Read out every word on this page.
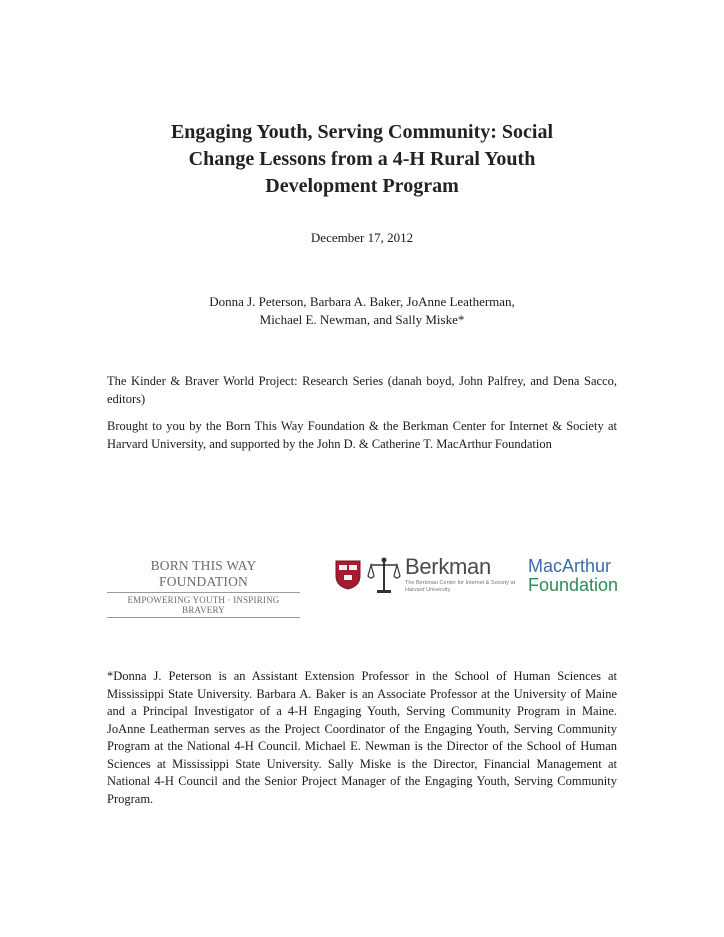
Engaging Youth, Serving Community: Social
Change Lessons from a 4-H Rural Youth
Development Program
December 17, 2012
Donna J. Peterson, Barbara A. Baker, JoAnne Leatherman,
Michael E. Newman, and Sally Miske*
The Kinder & Braver World Project: Research Series (danah boyd, John Palfrey, and Dena Sacco, editors)
Brought to you by the Born This Way Foundation & the Berkman Center for Internet & Society at Harvard University, and supported by the John D. & Catherine T. MacArthur Foundation
BORN THIS WAY FOUNDATION
EMPOWERING YOUTH · INSPIRING BRAVERY
Berkman
The Berkman Center for Internet & Society at Harvard University
MacArthur
Foundation
*Donna J. Peterson is an Assistant Extension Professor in the School of Human Sciences at Mississippi State University. Barbara A. Baker is an Associate Professor at the University of Maine and a Principal Investigator of a 4-H Engaging Youth, Serving Community Program in Maine. JoAnne Leatherman serves as the Project Coordinator of the Engaging Youth, Serving Community Program at the National 4-H Council. Michael E. Newman is the Director of the School of Human Sciences at Mississippi State University. Sally Miske is the Director, Financial Management at National 4-H Council and the Senior Project Manager of the Engaging Youth, Serving Community Program.
